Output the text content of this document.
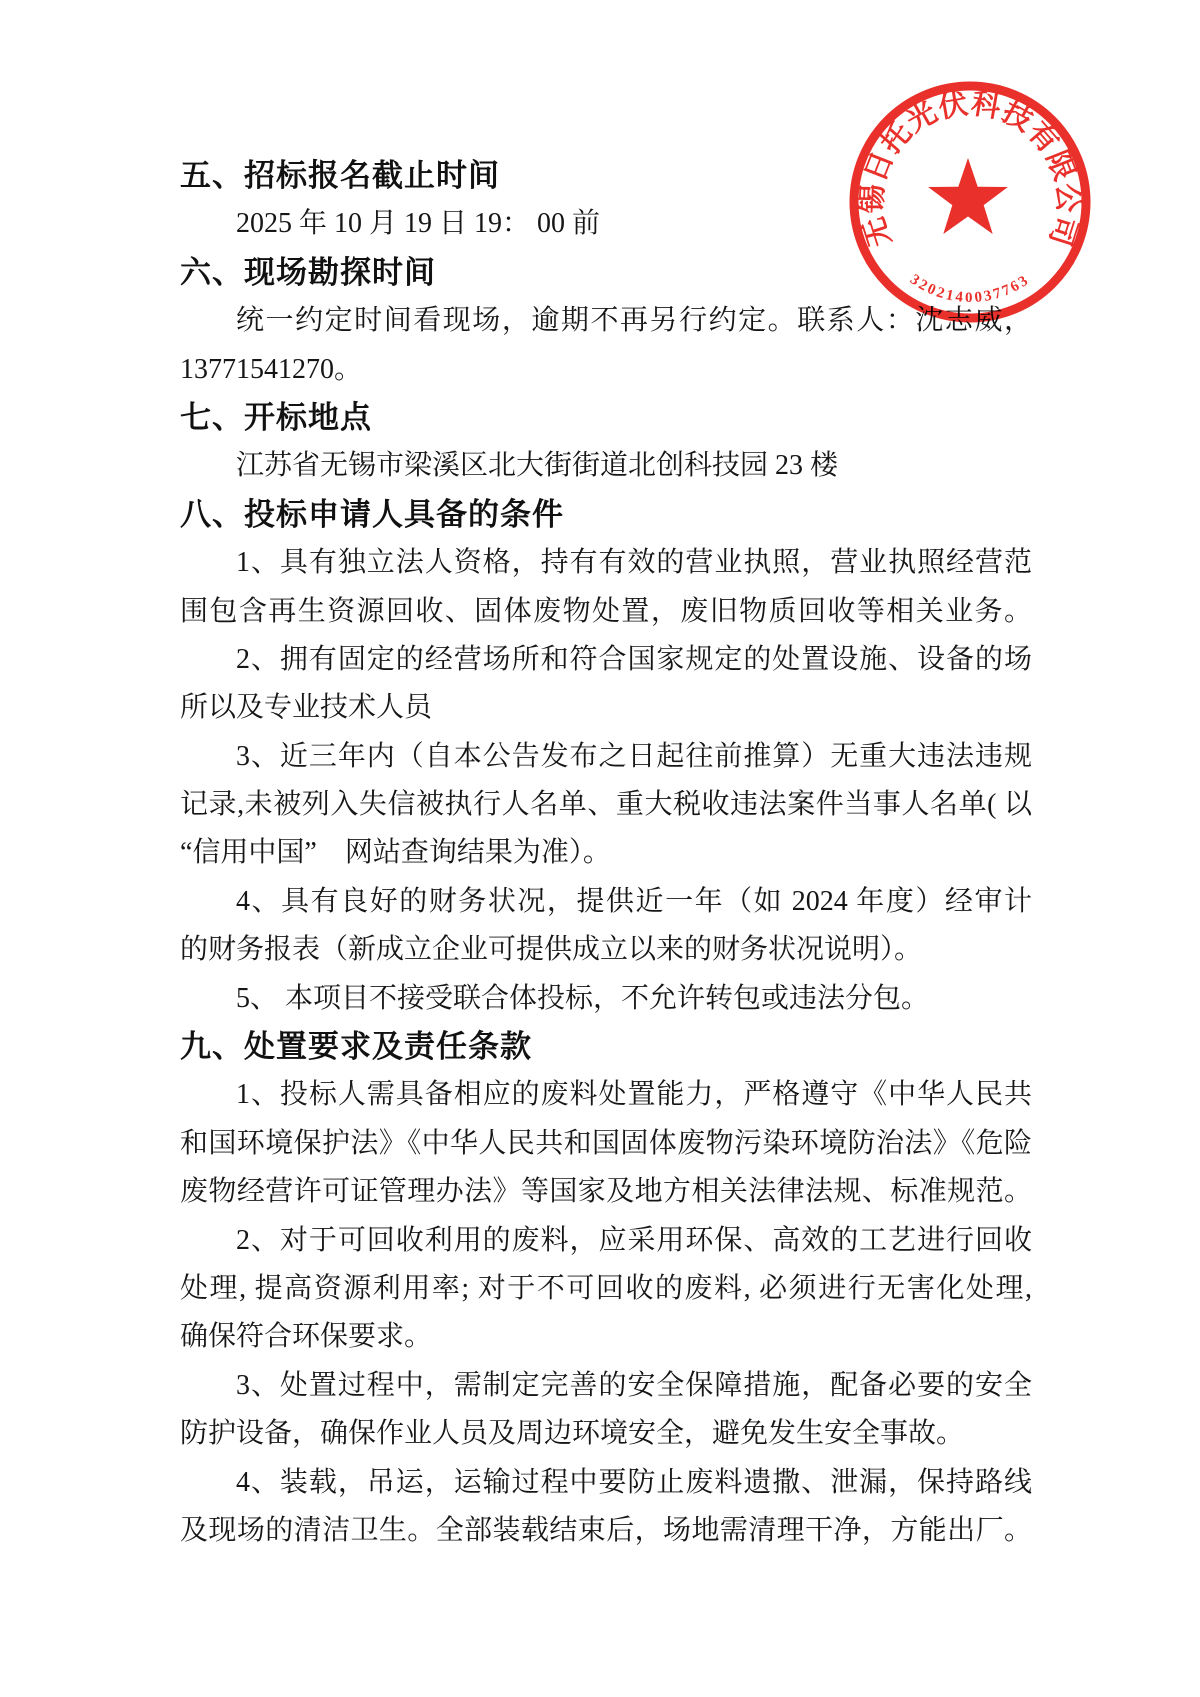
五、招标报名截止时间
2025 年 10 月 19 日 19： 00 前
六、现场勘探时间
统一约定时间看现场，逾期不再另行约定。联系人：沈志威，
13771541270。
七、开标地点
江苏省无锡市梁溪区北大街街道北创科技园 23 楼
八、投标申请人具备的条件
1、具有独立法人资格，持有有效的营业执照，营业执照经营范
围包含再生资源回收、固体废物处置，废旧物质回收等相关业务。
2、拥有固定的经营场所和符合国家规定的处置设施、设备的场
所以及专业技术人员
3、近三年内（自本公告发布之日起往前推算）无重大违法违规
记录,未被列入失信被执行人名单、重大税收违法案件当事人名单( 以
“信用中国”　网站查询结果为准）。
4、具有良好的财务状况，提供近一年（如 2024 年度）经审计
的财务报表（新成立企业可提供成立以来的财务状况说明）。
5、 本项目不接受联合体投标，不允许转包或违法分包。
九、处置要求及责任条款
1、投标人需具备相应的废料处置能力，严格遵守《中华人民共
和国环境保护法》《中华人民共和国固体废物污染环境防治法》《危险
废物经营许可证管理办法》等国家及地方相关法律法规、标准规范。
2、对于可回收利用的废料，应采用环保、高效的工艺进行回收
处理, 提高资源利用率; 对于不可回收的废料, 必须进行无害化处理,
确保符合环保要求。
3、处置过程中，需制定完善的安全保障措施，配备必要的安全
防护设备，确保作业人员及周边环境安全，避免发生安全事故。
4、装载，吊运，运输过程中要防止废料遗撒、泄漏，保持路线
及现场的清洁卫生。全部装载结束后，场地需清理干净，方能出厂。
无锡日托光伏科技有限公司
3202140037763
